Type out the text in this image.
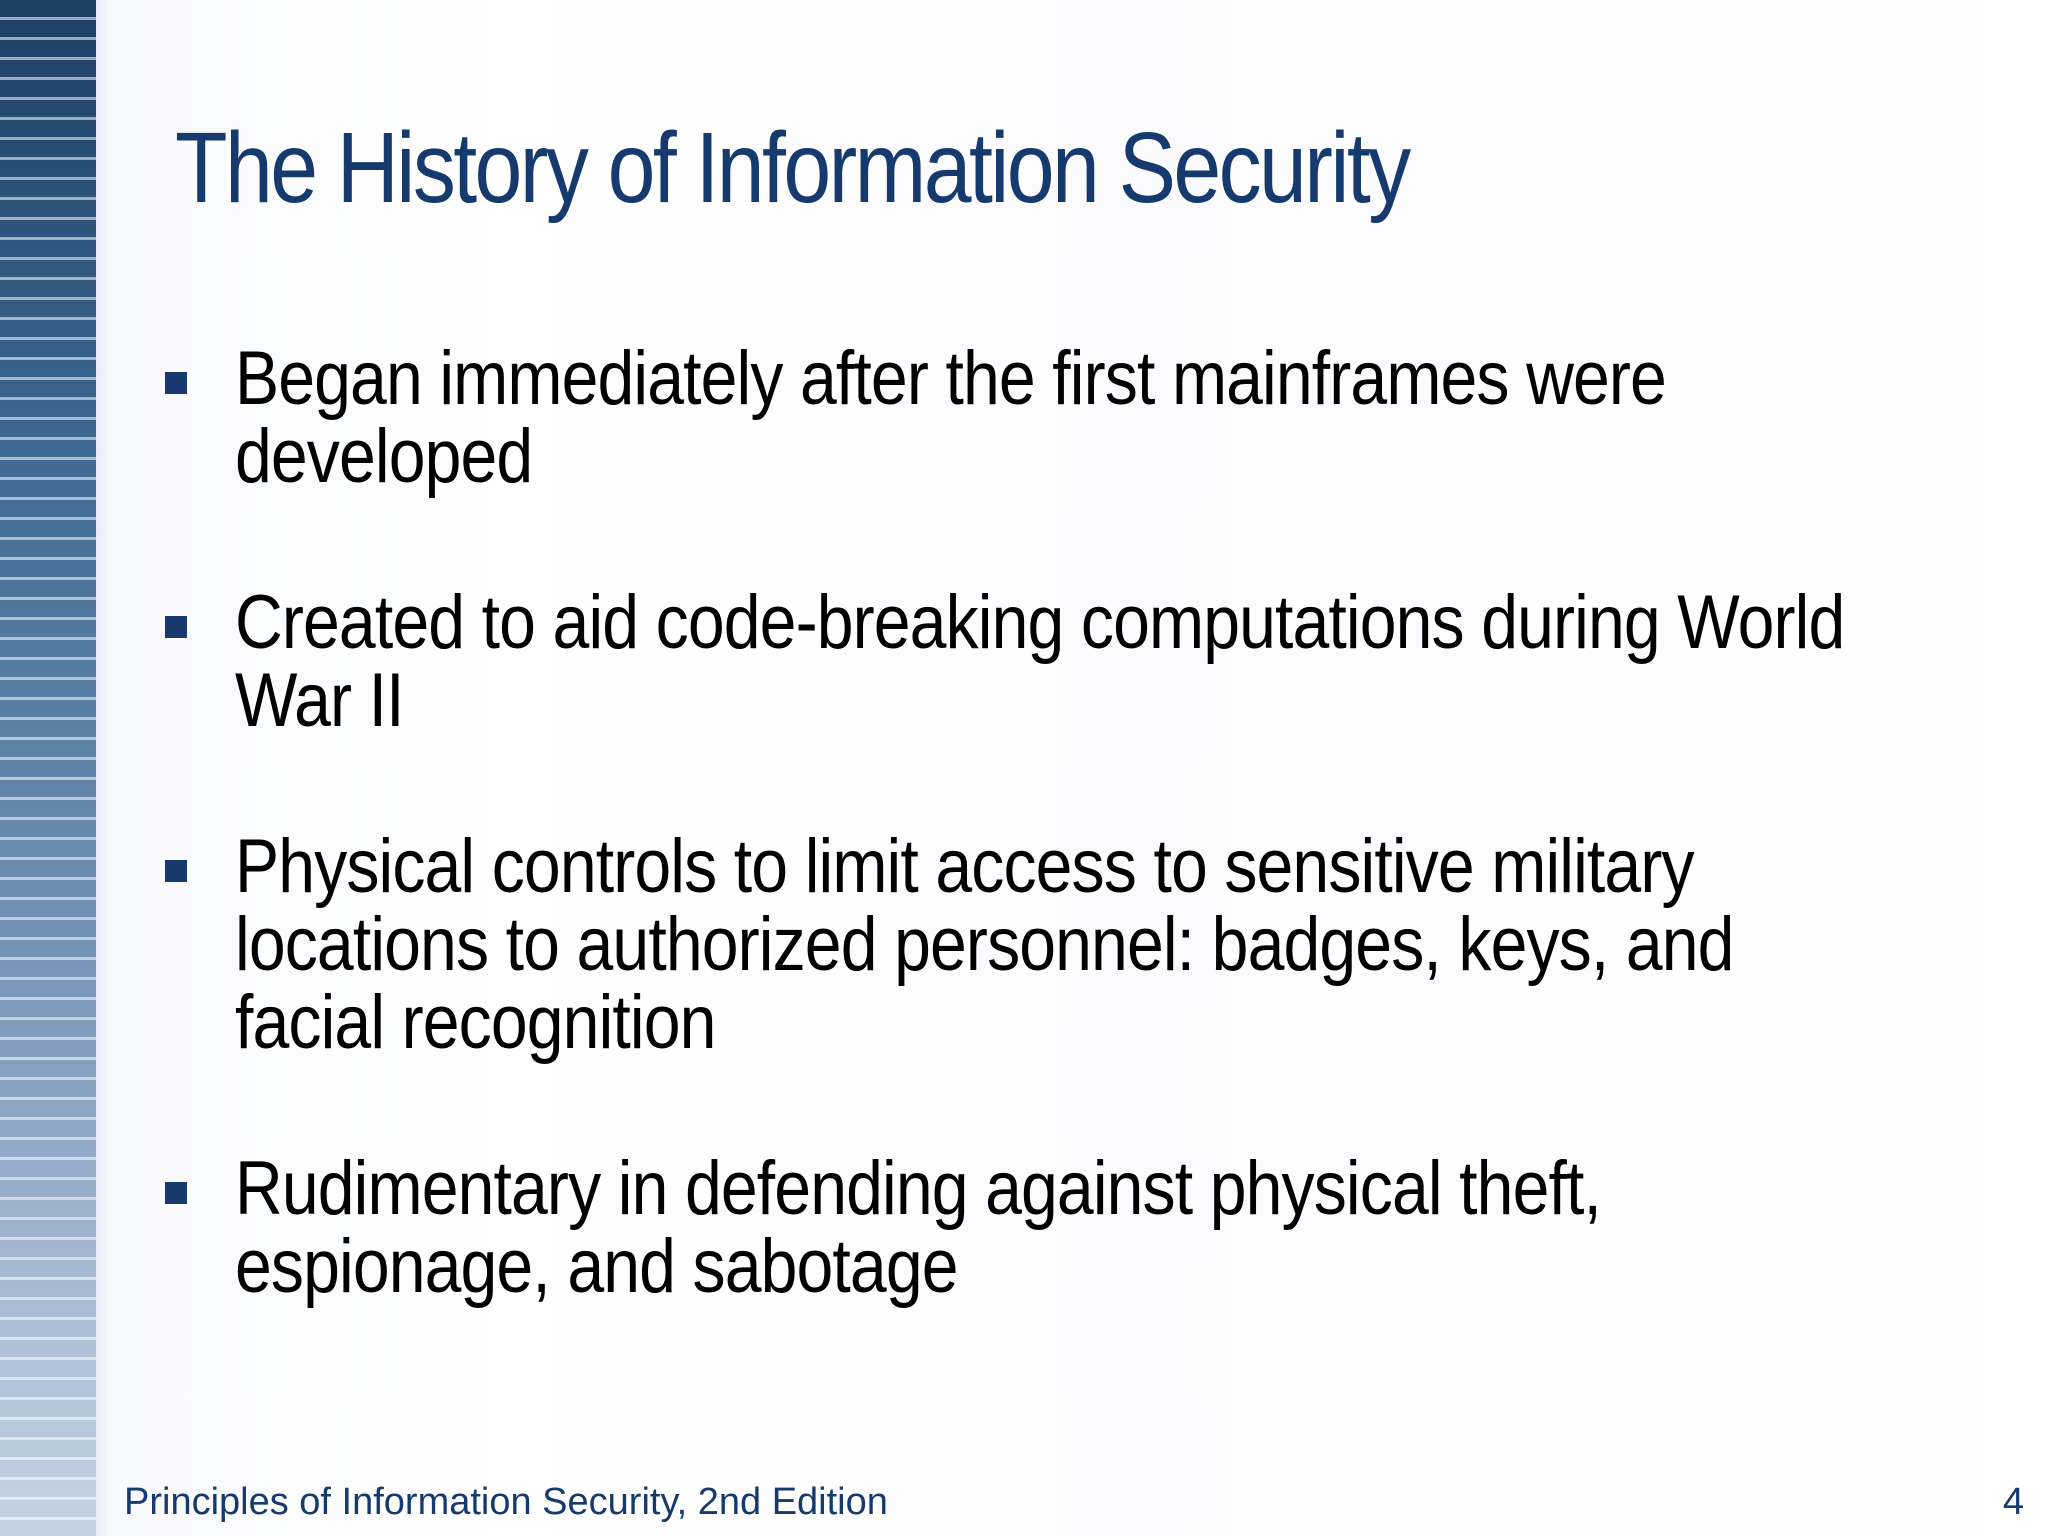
The History of Information Security
Began immediately after the first mainframes were developed
Created to aid code-breaking computations during World War II
Physical controls to limit access to sensitive military locations to authorized personnel: badges, keys, and facial recognition
Rudimentary in defending against physical theft, espionage, and sabotage
Principles of Information Security, 2nd Edition	4
